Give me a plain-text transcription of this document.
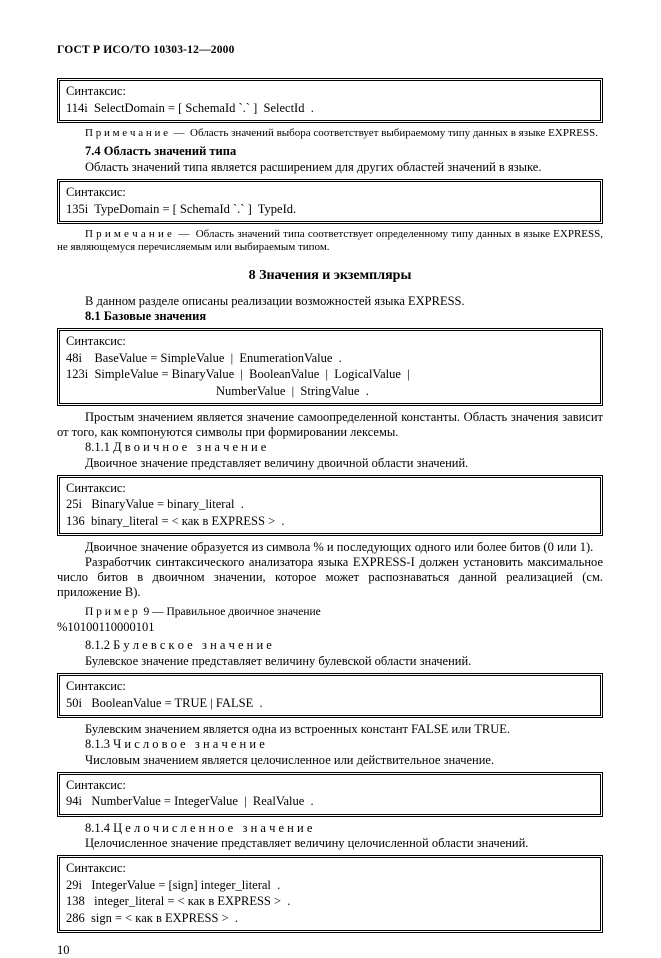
ГОСТ Р ИСО/ТО 10303-12—2000
Синтаксис:
114i  SelectDomain = [ SchemaId `.` ]  SelectId  .

П р и м е ч а н и е  —  Область значений выбора соответствует выбираемому типу данных в языке EXPRESS.

7.4 Область значений типа

Область значений типа является расширением для других областей значений в языке.

Синтаксис:
135i  TypeDomain = [ SchemaId `.` ]  TypeId.

П р и м е ч а н и е  —  Область значений типа соответствует определенному типу данных в языке EXPRESS, не являющемуся перечисляемым или выбираемым типом.

8 Значения и экземпляры

В данном разделе описаны реализации возможностей языка EXPRESS.

8.1 Базовые значения

Синтаксис:
48i    BaseValue = SimpleValue  |  EnumerationValue  .
123i  SimpleValue = BinaryValue  |  BooleanValue  |  LogicalValue  |
NumberValue  |  StringValue  .

Простым значением является значение самоопределенной константы. Область значения зависит от того, как компонуются символы при формировании лексемы.

8.1.1 Д в о и ч н о е   з н а ч е н и е

Двоичное значение представляет величину двоичной области значений.

Синтаксис:
25i   BinaryValue = binary_literal  .
136  binary_literal = < как в EXPRESS >  .

Двоичное значение образуется из символа % и последующих одного или более битов (0 или 1).

Разработчик синтаксического анализатора языка EXPRESS-I должен установить максимальное число битов в двоичном значении, которое может распознаваться данной реализацией (см. приложение B).

П р и м е р  9 — Правильное двоичное значение

%10100110000101

8.1.2 Б у л е в с к о е   з н а ч е н и е

Булевское значение представляет величину булевской области значений.

Синтаксис:
50i   BooleanValue = TRUE | FALSE  .

Булевским значением является одна из встроенных констант FALSE или TRUE.

8.1.3 Ч и с л о в о е   з н а ч е н и е

Числовым значением является целочисленное или действительное значение.

Синтаксис:
94i   NumberValue = IntegerValue  |  RealValue  .

8.1.4 Ц е л о ч и с л е н н о е   з н а ч е н и е

Целочисленное значение представляет величину целочисленной области значений.

Синтаксис:
29i   IntegerValue = [sign] integer_literal  .
138   integer_literal = < как в EXPRESS >  .
286  sign = < как в EXPRESS >  .
10
